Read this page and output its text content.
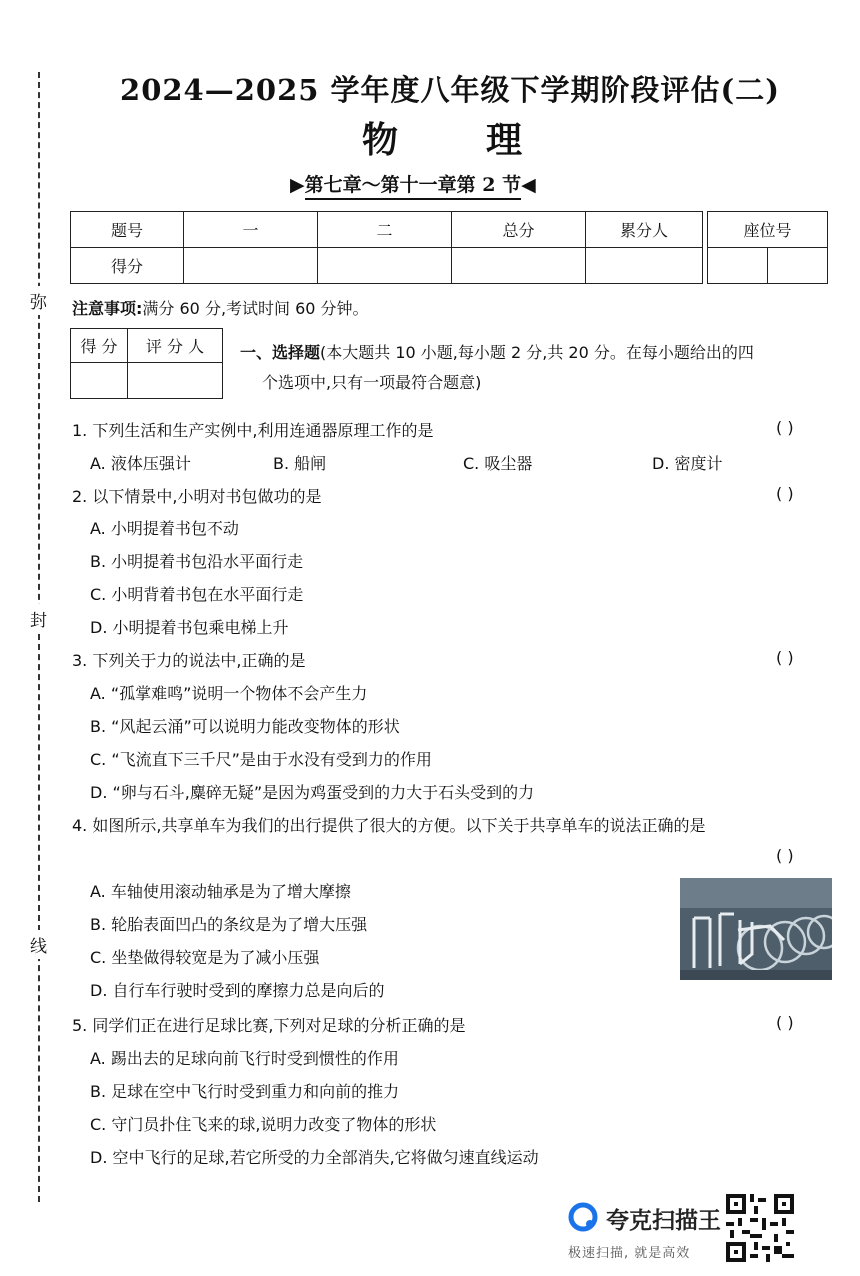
弥
封
线
2024—2025 学年度八年级下学期阶段评估(二)
物 理
▶第七章～第十一章第 2 节◀
题号	一	二	总分	累分人
得分				
座位号

注意事项:满分 60 分,考试时间 60 分钟。
得 分	评 分 人
	一、选择题(本大题共 10 小题,每小题 2 分,共 20 分。在每小题给出的四
个选项中,只有一项最符合题意)
1. 下列生活和生产实例中,利用连通器原理工作的是	( )
A. 液体压强计	B. 船闸	C. 吸尘器	D. 密度计
2. 以下情景中,小明对书包做功的是	( )
A. 小明提着书包不动
B. 小明提着书包沿水平面行走
C. 小明背着书包在水平面行走
D. 小明提着书包乘电梯上升
3. 下列关于力的说法中,正确的是	( )
A. “孤掌难鸣”说明一个物体不会产生力
B. “风起云涌”可以说明力能改变物体的形状
C. “飞流直下三千尺”是由于水没有受到力的作用
D. “卵与石斗,麋碎无疑”是因为鸡蛋受到的力大于石头受到的力
4. 如图所示,共享单车为我们的出行提供了很大的方便。以下关于共享单车的说法正确的是
( )
A. 车轴使用滚动轴承是为了增大摩擦
B. 轮胎表面凹凸的条纹是为了增大压强
C. 坐垫做得较宽是为了减小压强
D. 自行车行驶时受到的摩擦力总是向后的
5. 同学们正在进行足球比赛,下列对足球的分析正确的是	( )
A. 踢出去的足球向前飞行时受到惯性的作用
B. 足球在空中飞行时受到重力和向前的推力
C. 守门员扑住飞来的球,说明力改变了物体的形状
D. 空中飞行的足球,若它所受的力全部消失,它将做匀速直线运动
夸克扫描王
极速扫描, 就是高效
